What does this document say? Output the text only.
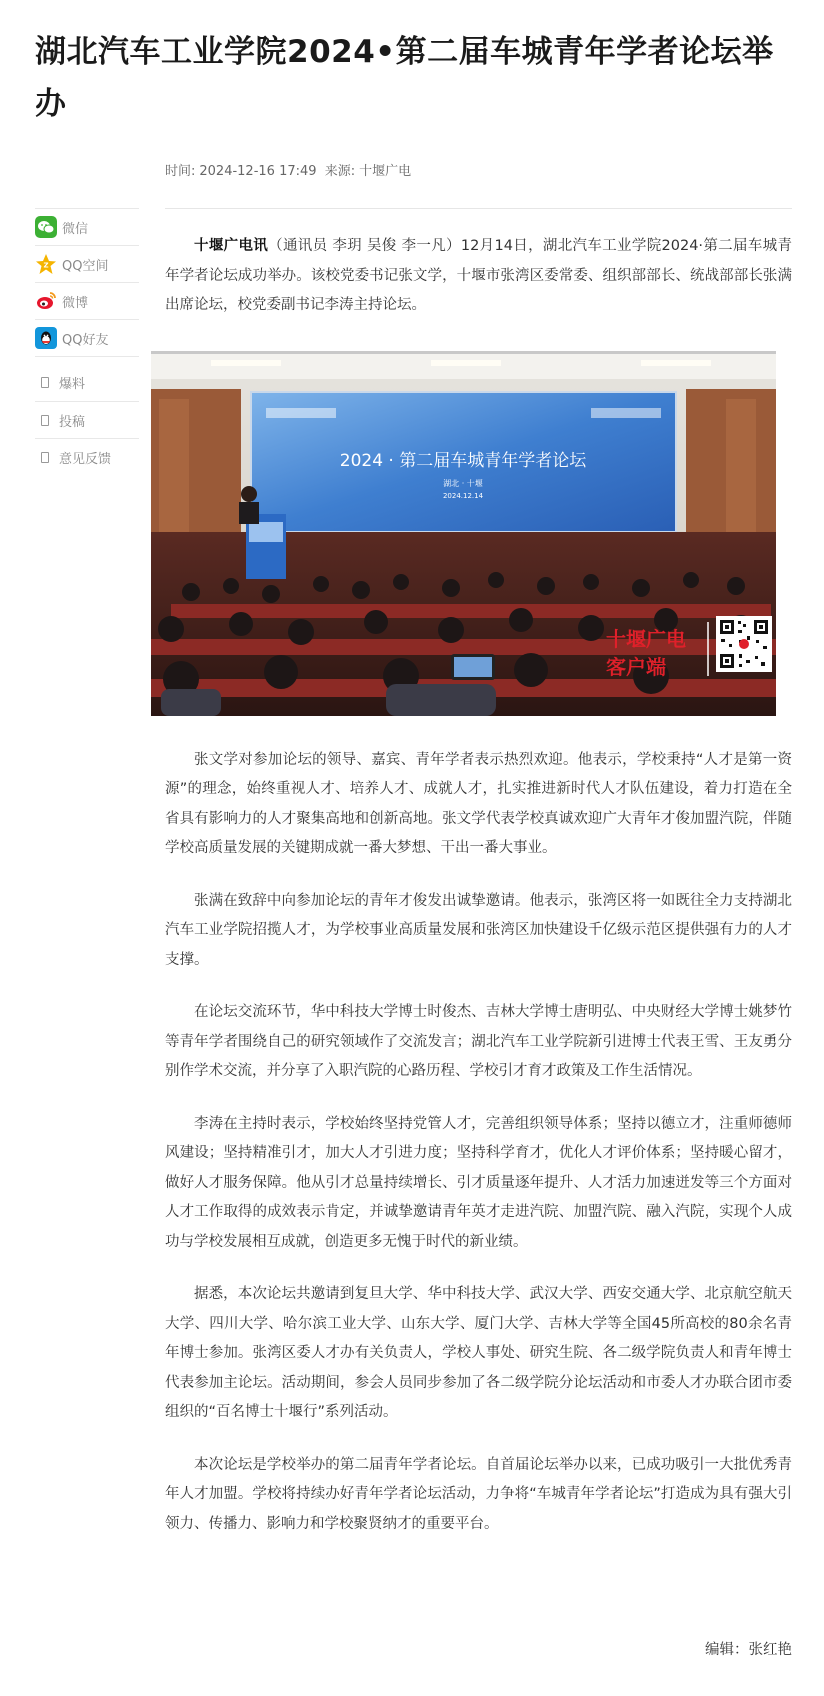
湖北汽车工业学院2024•第二届车城青年学者论坛举办
时间: 2024-12-16 17:49 来源: 十堰广电
微信
Z QQ空间
微博
QQ好友
爆料
投稿
意见反馈

十堰广电讯（通讯员 李玥 吴俊 李一凡）12月14日，湖北汽车工业学院2024·第二届车城青年学者论坛成功举办。该校党委书记张文学，十堰市张湾区委常委、组织部部长、统战部部长张满出席论坛，校党委副书记李涛主持论坛。

张文学对参加论坛的领导、嘉宾、青年学者表示热烈欢迎。他表示，学校秉持“人才是第一资源”的理念，始终重视人才、培养人才、成就人才，扎实推进新时代人才队伍建设，着力打造在全省具有影响力的人才聚集高地和创新高地。张文学代表学校真诚欢迎广大青年才俊加盟汽院，伴随学校高质量发展的关键期成就一番大梦想、干出一番大事业。

张满在致辞中向参加论坛的青年才俊发出诚挚邀请。他表示，张湾区将一如既往全力支持湖北汽车工业学院招揽人才，为学校事业高质量发展和张湾区加快建设千亿级示范区提供强有力的人才支撑。

在论坛交流环节，华中科技大学博士时俊杰、吉林大学博士唐明弘、中央财经大学博士姚梦竹等青年学者围绕自己的研究领域作了交流发言；湖北汽车工业学院新引进博士代表王雪、王友勇分别作学术交流，并分享了入职汽院的心路历程、学校引才育才政策及工作生活情况。

李涛在主持时表示，学校始终坚持党管人才，完善组织领导体系；坚持以德立才，注重师德师风建设；坚持精准引才，加大人才引进力度；坚持科学育才，优化人才评价体系；坚持暖心留才，做好人才服务保障。他从引才总量持续增长、引才质量逐年提升、人才活力加速迸发等三个方面对人才工作取得的成效表示肯定，并诚挚邀请青年英才走进汽院、加盟汽院、融入汽院，实现个人成功与学校发展相互成就，创造更多无愧于时代的新业绩。

据悉，本次论坛共邀请到复旦大学、华中科技大学、武汉大学、西安交通大学、北京航空航天大学、四川大学、哈尔滨工业大学、山东大学、厦门大学、吉林大学等全国45所高校的80余名青年博士参加。张湾区委人才办有关负责人，学校人事处、研究生院、各二级学院负责人和青年博士代表参加主论坛。活动期间，参会人员同步参加了各二级学院分论坛活动和市委人才办联合团市委组织的“百名博士十堰行”系列活动。

本次论坛是学校举办的第二届青年学者论坛。自首届论坛举办以来，已成功吸引一大批优秀青年人才加盟。学校将持续办好青年学者论坛活动，力争将“车城青年学者论坛”打造成为具有强大引领力、传播力、影响力和学校聚贤纳才的重要平台。

2024 · 第二届车城青年学者论坛
湖北 · 十堰
2024.12.14
十堰广电
客户端
编辑：张红艳
